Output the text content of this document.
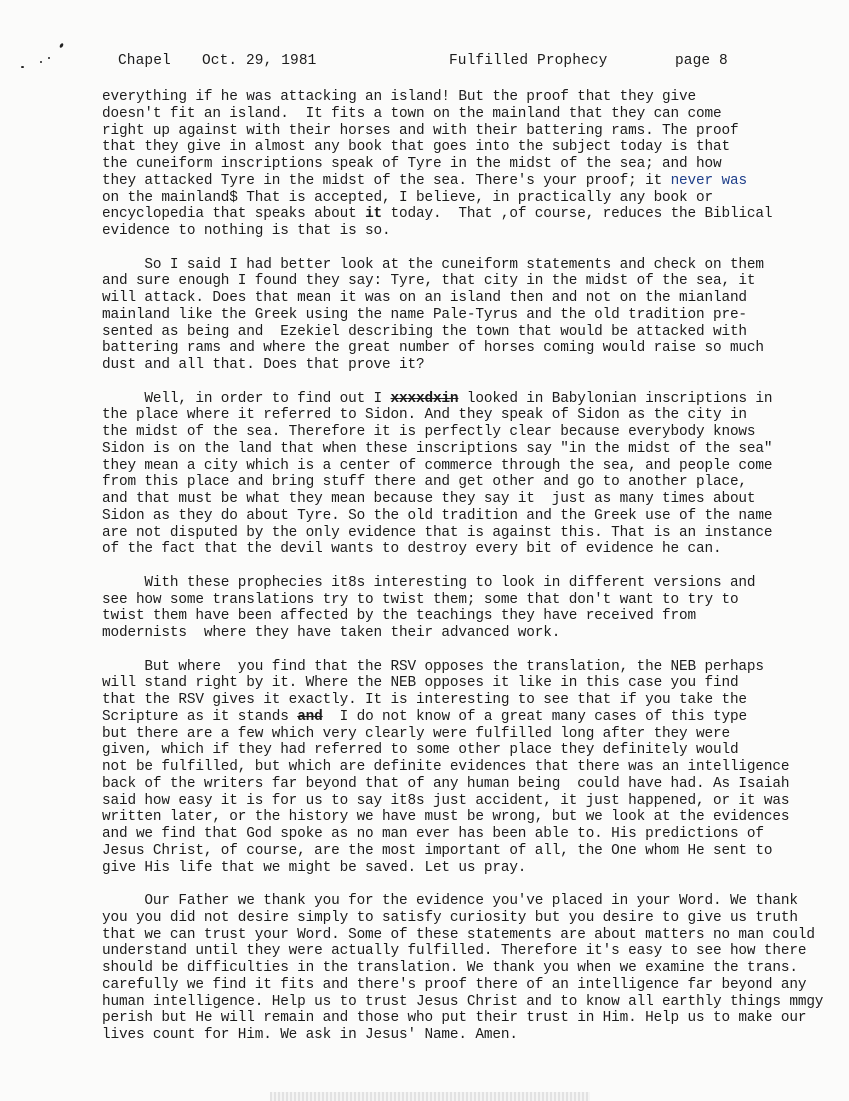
Chapel Oct. 29, 1981	Fulfilled Prophecy	page 8
everything if he was attacking an island! But the proof that they give
doesn't fit an island.  It fits a town on the mainland that they can come
right up against with their horses and with their battering rams. The proof
that they give in almost any book that goes into the subject today is that
the cuneiform inscriptions speak of Tyre in the midst of the sea; and how
they attacked Tyre in the midst of the sea. There's your proof; it never was
on the mainland$ That is accepted, I believe, in practically any book or
encyclopedia that speaks about it today.  That ,of course, reduces the Biblical
evidence to nothing is that is so.
So I said I had better look at the cuneiform statements and check on them
and sure enough I found they say: Tyre, that city in the midst of the sea, it
will attack. Does that mean it was on an island then and not on the mianland
mainland like the Greek using the name Pale-Tyrus and the old tradition pre-
sented as being and  Ezekiel describing the town that would be attacked with
battering rams and where the great number of horses coming would raise so much
dust and all that. Does that prove it?
Well, in order to find out I xxxxdxin looked in Babylonian inscriptions in
the place where it referred to Sidon. And they speak of Sidon as the city in
the midst of the sea. Therefore it is perfectly clear because everybody knows
Sidon is on the land that when these inscriptions say "in the midst of the sea"
they mean a city which is a center of commerce through the sea, and people come
from this place and bring stuff there and get other and go to another place,
and that must be what they mean because they say it  just as many times about
Sidon as they do about Tyre. So the old tradition and the Greek use of the name
are not disputed by the only evidence that is against this. That is an instance
of the fact that the devil wants to destroy every bit of evidence he can.
With these prophecies it8s interesting to look in different versions and
see how some translations try to twist them; some that don't want to try to
twist them have been affected by the teachings they have received from
modernists  where they have taken their advanced work.
But where  you find that the RSV opposes the translation, the NEB perhaps
will stand right by it. Where the NEB opposes it like in this case you find
that the RSV gives it exactly. It is interesting to see that if you take the
Scripture as it stands and  I do not know of a great many cases of this type
but there are a few which very clearly were fulfilled long after they were
given, which if they had referred to some other place they definitely would
not be fulfilled, but which are definite evidences that there was an intelligence
back of the writers far beyond that of any human being  could have had. As Isaiah
said how easy it is for us to say it8s just accident, it just happened, or it was
written later, or the history we have must be wrong, but we look at the evidences
and we find that God spoke as no man ever has been able to. His predictions of
Jesus Christ, of course, are the most important of all, the One whom He sent to
give His life that we might be saved. Let us pray.
Our Father we thank you for the evidence you've placed in your Word. We thank
you you did not desire simply to satisfy curiosity but you desire to give us truth
that we can trust your Word. Some of these statements are about matters no man could
understand until they were actually fulfilled. Therefore it's easy to see how there
should be difficulties in the translation. We thank you when we examine the trans.
carefully we find it fits and there's proof there of an intelligence far beyond any
human intelligence. Help us to trust Jesus Christ and to know all earthly things mmgy
perish but He will remain and those who put their trust in Him. Help us to make our
lives count for Him. We ask in Jesus' Name. Amen.
